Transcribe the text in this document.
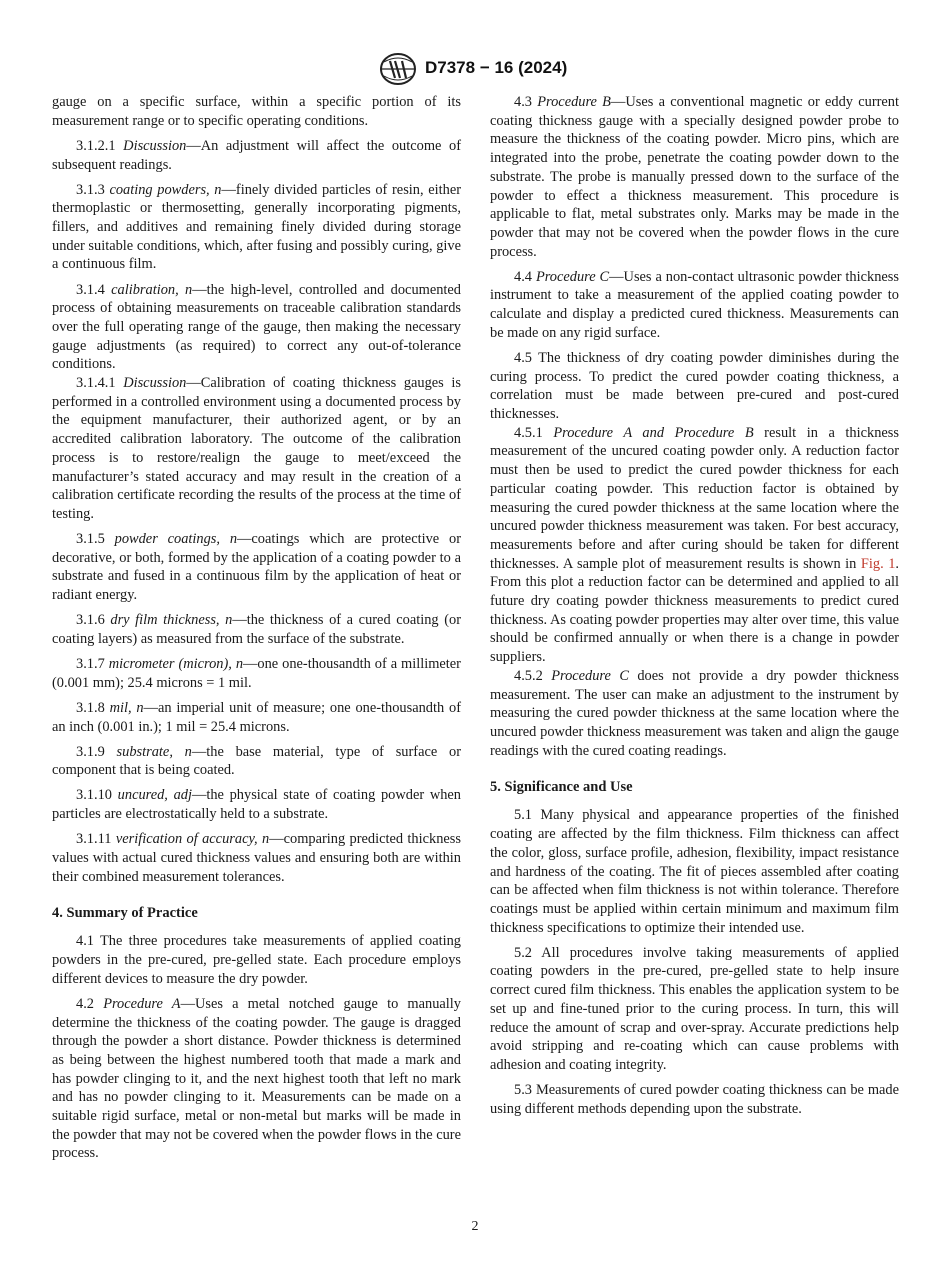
D7378 − 16 (2024)

gauge on a specific surface, within a specific portion of its measurement range or to specific operating conditions.

3.1.2.1 Discussion—An adjustment will affect the outcome of subsequent readings.

3.1.3 coating powders, n—finely divided particles of resin, either thermoplastic or thermosetting, generally incorporating pigments, fillers, and additives and remaining finely divided during storage under suitable conditions, which, after fusing and possibly curing, give a continuous film.

3.1.4 calibration, n—the high-level, controlled and documented process of obtaining measurements on traceable calibration standards over the full operating range of the gauge, then making the necessary gauge adjustments (as required) to correct any out-of-tolerance conditions.

3.1.4.1 Discussion—Calibration of coating thickness gauges is performed in a controlled environment using a documented process by the equipment manufacturer, their authorized agent, or by an accredited calibration laboratory. The outcome of the calibration process is to restore/realign the gauge to meet/exceed the manufacturer’s stated accuracy and may result in the creation of a calibration certificate recording the results of the process at the time of testing.

3.1.5 powder coatings, n—coatings which are protective or decorative, or both, formed by the application of a coating powder to a substrate and fused in a continuous film by the application of heat or radiant energy.

3.1.6 dry film thickness, n—the thickness of a cured coating (or coating layers) as measured from the surface of the substrate.

3.1.7 micrometer (micron), n—one one-thousandth of a millimeter (0.001 mm); 25.4 microns = 1 mil.

3.1.8 mil, n—an imperial unit of measure; one one-thousandth of an inch (0.001 in.); 1 mil = 25.4 microns.

3.1.9 substrate, n—the base material, type of surface or component that is being coated.

3.1.10 uncured, adj—the physical state of coating powder when particles are electrostatically held to a substrate.

3.1.11 verification of accuracy, n—comparing predicted thickness values with actual cured thickness values and ensuring both are within their combined measurement tolerances.

4. Summary of Practice

4.1 The three procedures take measurements of applied coating powders in the pre-cured, pre-gelled state. Each procedure employs different devices to measure the dry powder.

4.2 Procedure A—Uses a metal notched gauge to manually determine the thickness of the coating powder. The gauge is dragged through the powder a short distance. Powder thickness is determined as being between the highest numbered tooth that made a mark and has powder clinging to it, and the next highest tooth that left no mark and has no powder clinging to it. Measurements can be made on a suitable rigid surface, metal or non-metal but marks will be made in the powder that may not be covered when the powder flows in the cure process.

4.3 Procedure B—Uses a conventional magnetic or eddy current coating thickness gauge with a specially designed powder probe to measure the thickness of the coating powder. Micro pins, which are integrated into the probe, penetrate the coating powder down to the substrate. The probe is manually pressed down to the surface of the powder to effect a thickness measurement. This procedure is applicable to flat, metal substrates only. Marks may be made in the powder that may not be covered when the powder flows in the cure process.

4.4 Procedure C—Uses a non-contact ultrasonic powder thickness instrument to take a measurement of the applied coating powder to calculate and display a predicted cured thickness. Measurements can be made on any rigid surface.

4.5 The thickness of dry coating powder diminishes during the curing process. To predict the cured powder coating thickness, a correlation must be made between pre-cured and post-cured thicknesses.

4.5.1 Procedure A and Procedure B result in a thickness measurement of the uncured coating powder only. A reduction factor must then be used to predict the cured powder thickness for each particular coating powder. This reduction factor is obtained by measuring the cured powder thickness at the same location where the uncured powder thickness measurement was taken. For best accuracy, measurements before and after curing should be taken for different thicknesses. A sample plot of measurement results is shown in Fig. 1. From this plot a reduction factor can be determined and applied to all future dry coating powder thickness measurements to predict cured thickness. As coating powder properties may alter over time, this value should be confirmed annually or when there is a change in powder suppliers.

4.5.2 Procedure C does not provide a dry powder thickness measurement. The user can make an adjustment to the instrument by measuring the cured powder thickness at the same location where the uncured powder thickness measurement was taken and align the gauge readings with the cured coating readings.

5. Significance and Use

5.1 Many physical and appearance properties of the finished coating are affected by the film thickness. Film thickness can affect the color, gloss, surface profile, adhesion, flexibility, impact resistance and hardness of the coating. The fit of pieces assembled after coating can be affected when film thickness is not within tolerance. Therefore coatings must be applied within certain minimum and maximum film thickness specifications to optimize their intended use.

5.2 All procedures involve taking measurements of applied coating powders in the pre-cured, pre-gelled state to help insure correct cured film thickness. This enables the application system to be set up and fine-tuned prior to the curing process. In turn, this will reduce the amount of scrap and over-spray. Accurate predictions help avoid stripping and re-coating which can cause problems with adhesion and coating integrity.

5.3 Measurements of cured powder coating thickness can be made using different methods depending upon the substrate.

2
